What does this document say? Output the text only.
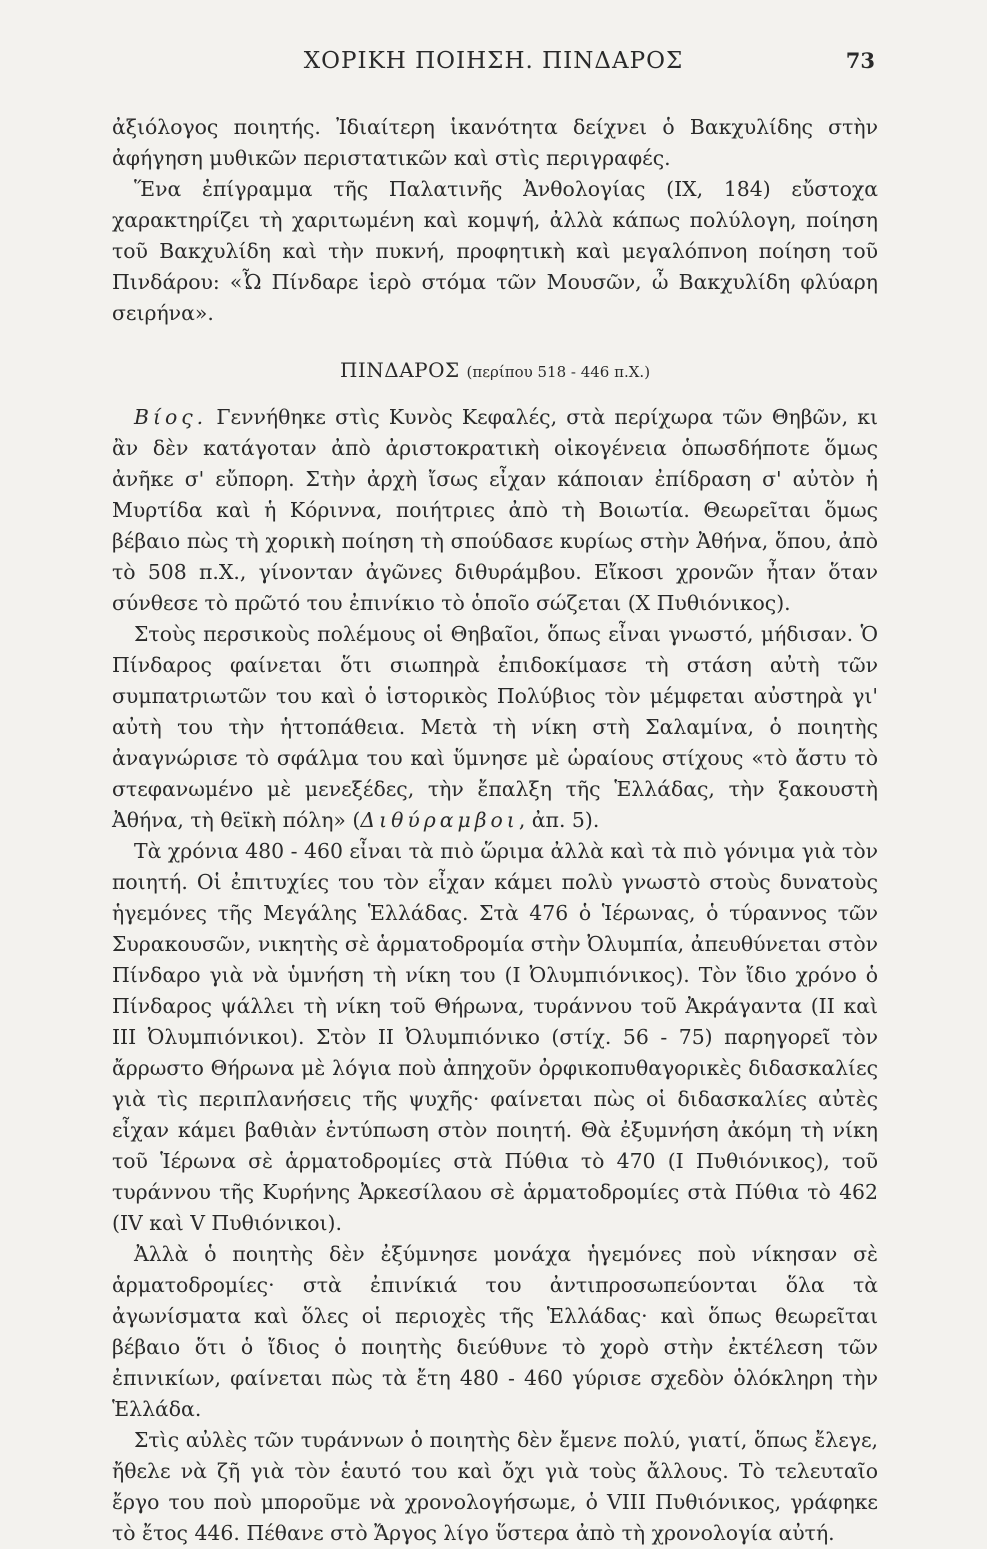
ΧΟΡΙΚΗ ΠΟΙΗΣΗ. ΠΙΝΔΑΡΟΣ	73

ἀξιόλογος ποιητής. Ἰδιαίτερη ἱκανότητα δείχνει ὁ Βακχυλίδης στὴν ἀφήγηση μυθικῶν περιστατικῶν καὶ στὶς περιγραφές.

Ἕνα ἐπίγραμμα τῆς Παλατινῆς Ἀνθολογίας (IX, 184) εὔστοχα χαρακτηρίζει τὴ χαριτωμένη καὶ κομψή, ἀλλὰ κάπως πολύλογη, ποίηση τοῦ Βακχυλίδη καὶ τὴν πυκνή, προφητικὴ καὶ μεγαλόπνοη ποίηση τοῦ Πινδάρου: «Ὦ Πίνδαρε ἱερὸ στόμα τῶν Μουσῶν, ὦ Βακχυλίδη φλύαρη σειρήνα».

ΠΙΝΔΑΡΟΣ (περίπου 518 - 446 π.Χ.)

Βίος. Γεννήθηκε στὶς Κυνὸς Κεφαλές, στὰ περίχωρα τῶν Θηβῶν, κι ἂν δὲν κατάγοταν ἀπὸ ἀριστοκρατικὴ οἰκογένεια ὁπωσδήποτε ὅμως ἀνῆκε σ' εὔπορη. Στὴν ἀρχὴ ἴσως εἶχαν κάποιαν ἐπίδραση σ' αὐτὸν ἡ Μυρτίδα καὶ ἡ Κόριννα, ποιήτριες ἀπὸ τὴ Βοιωτία. Θεωρεῖται ὅμως βέβαιο πὼς τὴ χορικὴ ποίηση τὴ σπούδασε κυρίως στὴν Ἀθήνα, ὅπου, ἀπὸ τὸ 508 π.Χ., γίνονταν ἀγῶνες διθυράμβου. Εἴκοσι χρονῶν ἦταν ὅταν σύνθεσε τὸ πρῶτό του ἐπινίκιο τὸ ὁποῖο σώζεται (Χ Πυθιόνικος).

Στοὺς περσικοὺς πολέμους οἱ Θηβαῖοι, ὅπως εἶναι γνωστό, μήδισαν. Ὁ Πίνδαρος φαίνεται ὅτι σιωπηρὰ ἐπιδοκίμασε τὴ στάση αὐτὴ τῶν συμπατριωτῶν του καὶ ὁ ἱστορικὸς Πολύβιος τὸν μέμφεται αὐστηρὰ γι' αὐτὴ του τὴν ἡττοπάθεια. Μετὰ τὴ νίκη στὴ Σαλαμίνα, ὁ ποιητὴς ἀναγνώρισε τὸ σφάλμα του καὶ ὕμνησε μὲ ὡραίους στίχους «τὸ ἄστυ τὸ στεφανωμένο μὲ μενεξέδες, τὴν ἔπαλξη τῆς Ἑλλάδας, τὴν ξακουστὴ Ἀθήνα, τὴ θεϊκὴ πόλη» (Διθύραμβοι, ἀπ. 5).

Τὰ χρόνια 480 - 460 εἶναι τὰ πιὸ ὥριμα ἀλλὰ καὶ τὰ πιὸ γόνιμα γιὰ τὸν ποιητή. Οἱ ἐπιτυχίες του τὸν εἶχαν κάμει πολὺ γνωστὸ στοὺς δυνατοὺς ἡγεμόνες τῆς Μεγάλης Ἑλλάδας. Στὰ 476 ὁ Ἱέρωνας, ὁ τύραννος τῶν Συρακουσῶν, νικητὴς σὲ ἁρματοδρομία στὴν Ὀλυμπία, ἀπευθύνεται στὸν Πίνδαρο γιὰ νὰ ὑμνήση τὴ νίκη του (Ι Ὀλυμπιόνικος). Τὸν ἴδιο χρόνο ὁ Πίνδαρος ψάλλει τὴ νίκη τοῦ Θήρωνα, τυράννου τοῦ Ἀκράγαντα (ΙΙ καὶ ΙΙΙ Ὀλυμπιόνικοι). Στὸν ΙΙ Ὀλυμπιόνικο (στίχ. 56 - 75) παρηγορεῖ τὸν ἄρρωστο Θήρωνα μὲ λόγια ποὺ ἀπηχοῦν ὀρφικοπυθαγορικὲς διδασκαλίες γιὰ τὶς περιπλανήσεις τῆς ψυχῆς· φαίνεται πὼς οἱ διδασκαλίες αὐτὲς εἶχαν κάμει βαθιὰν ἐντύπωση στὸν ποιητή. Θὰ ἐξυμνήση ἀκόμη τὴ νίκη τοῦ Ἱέρωνα σὲ ἁρματοδρομίες στὰ Πύθια τὸ 470 (Ι Πυθιόνικος), τοῦ τυράννου τῆς Κυρήνης Ἀρκεσίλαου σὲ ἁρματοδρομίες στὰ Πύθια τὸ 462 (IV καὶ V Πυθιόνικοι).

Ἀλλὰ ὁ ποιητὴς δὲν ἐξύμνησε μονάχα ἡγεμόνες ποὺ νίκησαν σὲ ἁρματοδρομίες· στὰ ἐπινίκιά του ἀντιπροσωπεύονται ὅλα τὰ ἀγωνίσματα καὶ ὅλες οἱ περιοχὲς τῆς Ἑλλάδας· καὶ ὅπως θεωρεῖται βέβαιο ὅτι ὁ ἴδιος ὁ ποιητὴς διεύθυνε τὸ χορὸ στὴν ἐκτέλεση τῶν ἐπινικίων, φαίνεται πὼς τὰ ἔτη 480 - 460 γύρισε σχεδὸν ὁλόκληρη τὴν Ἑλλάδα.

Στὶς αὐλὲς τῶν τυράννων ὁ ποιητὴς δὲν ἔμενε πολύ, γιατί, ὅπως ἔλεγε, ἤθελε νὰ ζῆ γιὰ τὸν ἑαυτό του καὶ ὄχι γιὰ τοὺς ἄλλους. Τὸ τελευταῖο ἔργο του ποὺ μποροῦμε νὰ χρονολογήσωμε, ὁ VIII Πυθιόνικος, γράφηκε τὸ ἔτος 446. Πέθανε στὸ Ἄργος λίγο ὕστερα ἀπὸ τὴ χρονολογία αὐτή.
